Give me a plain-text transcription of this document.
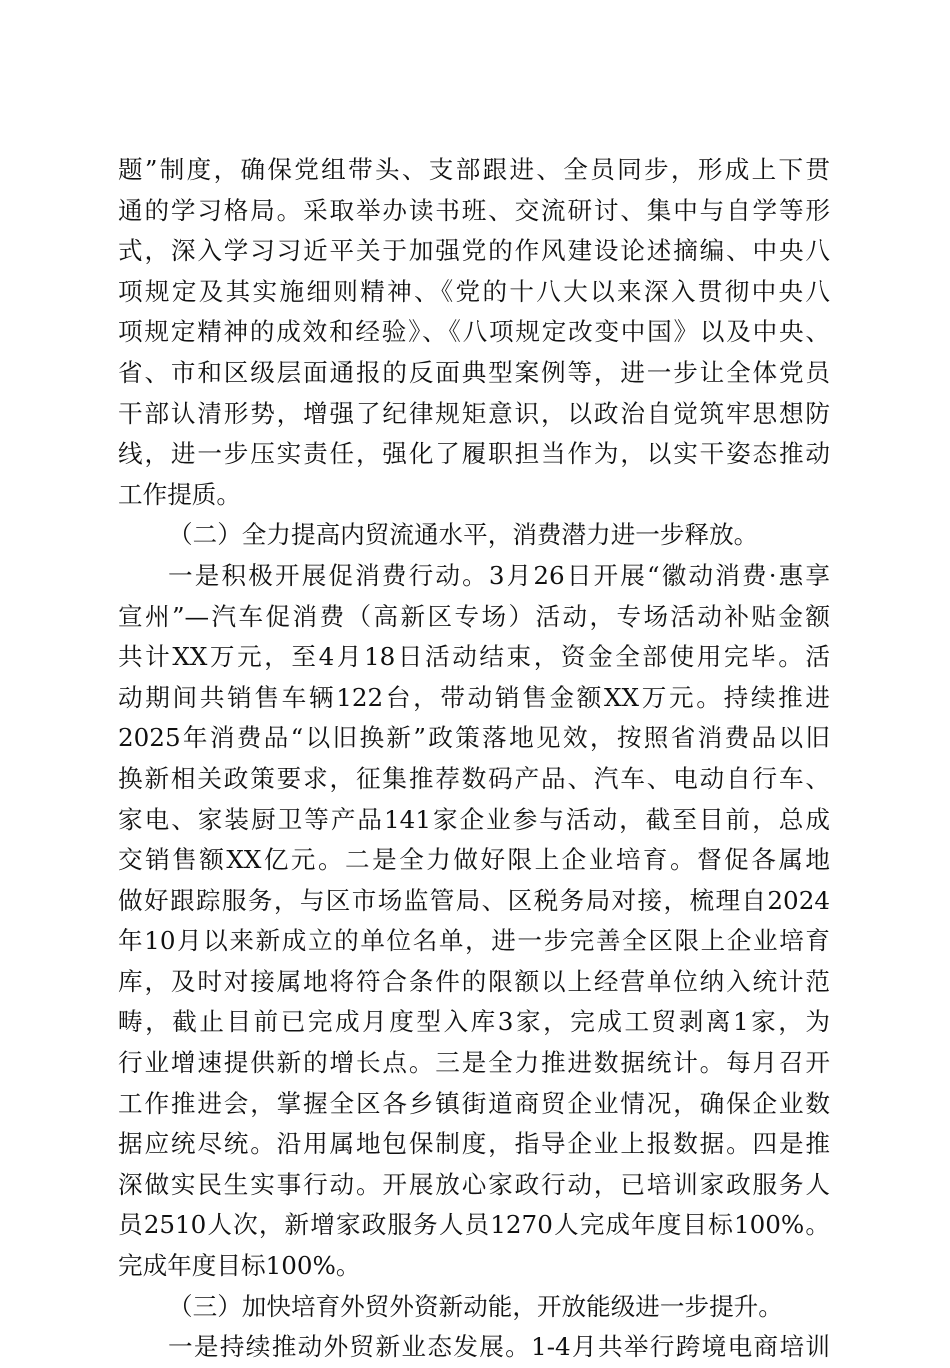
题”制度，确保党组带头、支部跟进、全员同步，形成上下贯
通的学习格局。采取举办读书班、交流研讨、集中与自学等形
式，深入学习习近平关于加强党的作风建设论述摘编、中央八
项规定及其实施细则精神、《党的十八大以来深入贯彻中央八
项规定精神的成效和经验》、《八项规定改变中国》以及中央、
省、市和区级层面通报的反面典型案例等，进一步让全体党员
干部认清形势，增强了纪律规矩意识，以政治自觉筑牢思想防
线，进一步压实责任，强化了履职担当作为，以实干姿态推动
工作提质。
（二）全力提高内贸流通水平，消费潜力进一步释放。
一是积极开展促消费行动。3月26日开展“徽动消费·惠享
宣州”—汽车促消费（高新区专场）活动，专场活动补贴金额
共计XX万元，至4月18日活动结束，资金全部使用完毕。活
动期间共销售车辆122台，带动销售金额XX万元。持续推进
2025年消费品“以旧换新”政策落地见效，按照省消费品以旧
换新相关政策要求，征集推荐数码产品、汽车、电动自行车、
家电、家装厨卫等产品141家企业参与活动，截至目前，总成
交销售额XX亿元。二是全力做好限上企业培育。督促各属地
做好跟踪服务，与区市场监管局、区税务局对接，梳理自2024
年10月以来新成立的单位名单，进一步完善全区限上企业培育
库，及时对接属地将符合条件的限额以上经营单位纳入统计范
畴，截止目前已完成月度型入库3家，完成工贸剥离1家，为
行业增速提供新的增长点。三是全力推进数据统计。每月召开
工作推进会，掌握全区各乡镇街道商贸企业情况，确保企业数
据应统尽统。沿用属地包保制度，指导企业上报数据。四是推
深做实民生实事行动。开展放心家政行动，已培训家政服务人
员2510人次，新增家政服务人员1270人完成年度目标100%。
完成年度目标100%。
（三）加快培育外贸外资新动能，开放能级进一步提升。
一是持续推动外贸新业态发展。1-4月共举行跨境电商培训
